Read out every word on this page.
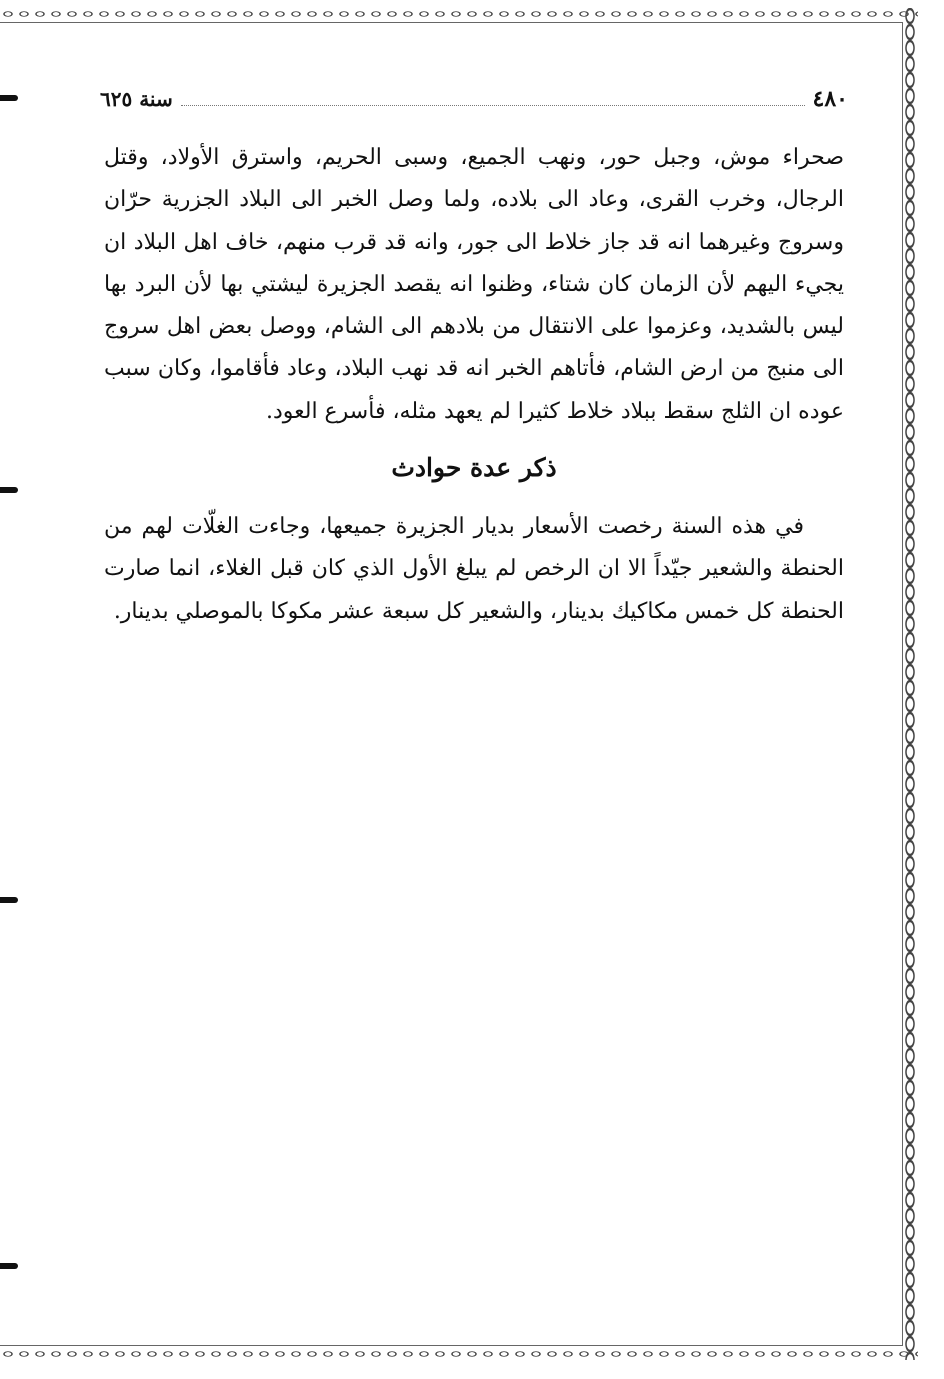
٤٨٠
سنة ٦٢٥

صحراء موش، وجبل حور، ونهب الجميع، وسبى الحريم، واسترق الأولاد، وقتل الرجال، وخرب القرى، وعاد الى بلاده، ولما وصل الخبر الى البلاد الجزرية حرّان وسروج وغيرهما انه قد جاز خلاط الى جور، وانه قد قرب منهم، خاف اهل البلاد ان يجيء اليهم لأن الزمان كان شتاء، وظنوا انه يقصد الجزيرة ليشتي بها لأن البرد بها ليس بالشديد، وعزموا على الانتقال من بلادهم الى الشام، ووصل بعض اهل سروج الى منبج من ارض الشام، فأتاهم الخبر انه قد نهب البلاد، وعاد فأقاموا، وكان سبب عوده ان الثلج سقط ببلاد خلاط كثيرا لم يعهد مثله، فأسرع العود.

ذكر عدة حوادث

في هذه السنة رخصت الأسعار بديار الجزيرة جميعها، وجاءت الغلّات لهم من الحنطة والشعير جيّداً الا ان الرخص لم يبلغ الأول الذي كان قبل الغلاء، انما صارت الحنطة كل خمس مكاكيك بدينار، والشعير كل سبعة عشر مكوكا بالموصلي بدينار.
